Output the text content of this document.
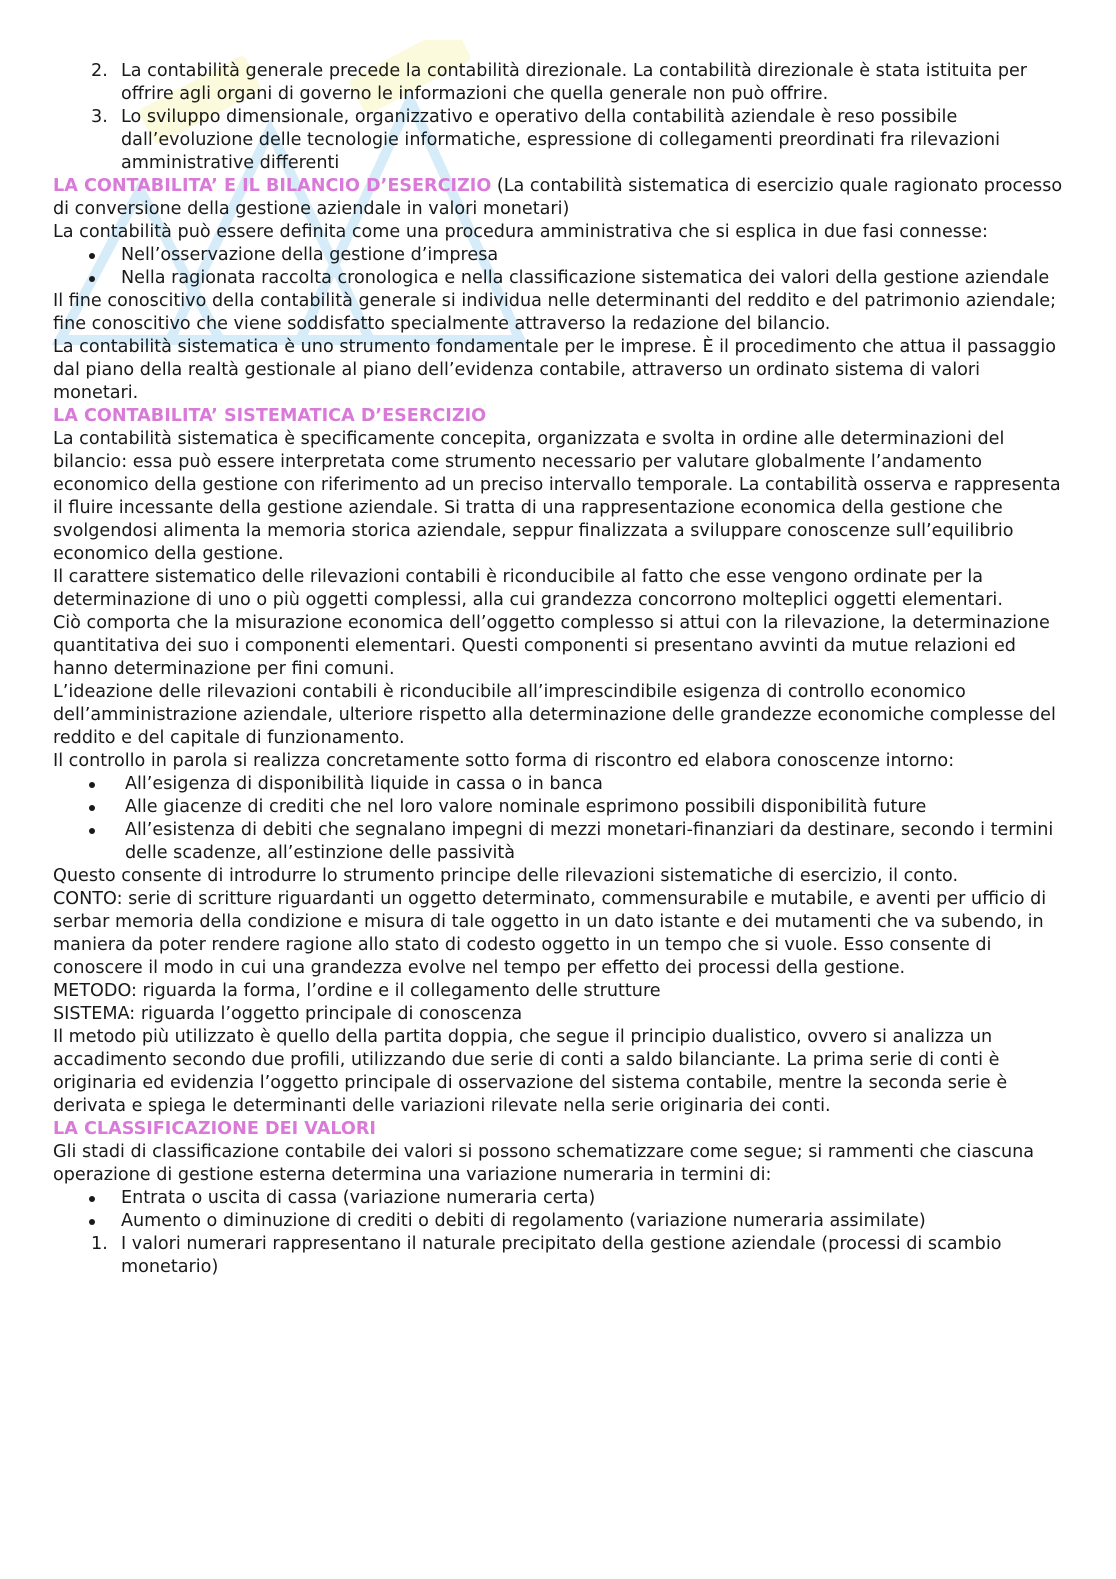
2. La contabilità generale precede la contabilità direzionale. La contabilità direzionale è stata istituita per offrire agli organi di governo le informazioni che quella generale non può offrire.
3. Lo sviluppo dimensionale, organizzativo e operativo della contabilità aziendale è reso possibile dall’evoluzione delle tecnologie informatiche, espressione di collegamenti preordinati fra rilevazioni amministrative differenti

LA CONTABILITA’ E IL BILANCIO D’ESERCIZIO (La contabilità sistematica di esercizio quale ragionato processo di conversione della gestione aziendale in valori monetari)

La contabilità può essere definita come una procedura amministrativa che si esplica in due fasi connesse:

Nell’osservazione della gestione d’impresa
Nella ragionata raccolta cronologica e nella classificazione sistematica dei valori della gestione aziendale

Il fine conoscitivo della contabilità generale si individua nelle determinanti del reddito e del patrimonio aziendale; fine conoscitivo che viene soddisfatto specialmente attraverso la redazione del bilancio.

La contabilità sistematica è uno strumento fondamentale per le imprese. È il procedimento che attua il passaggio dal piano della realtà gestionale al piano dell’evidenza contabile, attraverso un ordinato sistema di valori monetari.

LA CONTABILITA’ SISTEMATICA D’ESERCIZIO

La contabilità sistematica è specificamente concepita, organizzata e svolta in ordine alle determinazioni del bilancio: essa può essere interpretata come strumento necessario per valutare globalmente l’andamento economico della gestione con riferimento ad un preciso intervallo temporale. La contabilità osserva e rappresenta il fluire incessante della gestione aziendale. Si tratta di una rappresentazione economica della gestione che svolgendosi alimenta la memoria storica aziendale, seppur finalizzata a sviluppare conoscenze sull’equilibrio economico della gestione.

Il carattere sistematico delle rilevazioni contabili è riconducibile al fatto che esse vengono ordinate per la determinazione di uno o più oggetti complessi, alla cui grandezza concorrono molteplici oggetti elementari.

Ciò comporta che la misurazione economica dell’oggetto complesso si attui con la rilevazione, la determinazione quantitativa dei suo i componenti elementari. Questi componenti si presentano avvinti da mutue relazioni ed hanno determinazione per fini comuni.

L’ideazione delle rilevazioni contabili è riconducibile all’imprescindibile esigenza di controllo economico dell’amministrazione aziendale, ulteriore rispetto alla determinazione delle grandezze economiche complesse del reddito e del capitale di funzionamento.

Il controllo in parola si realizza concretamente sotto forma di riscontro ed elabora conoscenze intorno:

All’esigenza di disponibilità liquide in cassa o in banca
Alle giacenze di crediti che nel loro valore nominale esprimono possibili disponibilità future
All’esistenza di debiti che segnalano impegni di mezzi monetari-finanziari da destinare, secondo i termini delle scadenze, all’estinzione delle passività

Questo consente di introdurre lo strumento principe delle rilevazioni sistematiche di esercizio, il conto.

CONTO: serie di scritture riguardanti un oggetto determinato, commensurabile e mutabile, e aventi per ufficio di serbar memoria della condizione e misura di tale oggetto in un dato istante e dei mutamenti che va subendo, in maniera da poter rendere ragione allo stato di codesto oggetto in un tempo che si vuole. Esso consente di conoscere il modo in cui una grandezza evolve nel tempo per effetto dei processi della gestione.

METODO: riguarda la forma, l’ordine e il collegamento delle strutture

SISTEMA: riguarda l’oggetto principale di conoscenza

Il metodo più utilizzato è quello della partita doppia, che segue il principio dualistico, ovvero si analizza un accadimento secondo due profili, utilizzando due serie di conti a saldo bilanciante. La prima serie di conti è originaria ed evidenzia l’oggetto principale di osservazione del sistema contabile, mentre la seconda serie è derivata e spiega le determinanti delle variazioni rilevate nella serie originaria dei conti.

LA CLASSIFICAZIONE DEI VALORI

Gli stadi di classificazione contabile dei valori si possono schematizzare come segue; si rammenti che ciascuna operazione di gestione esterna determina una variazione numeraria in termini di:

Entrata o uscita di cassa (variazione numeraria certa)
Aumento o diminuzione di crediti o debiti di regolamento (variazione numeraria assimilate)
1. I valori numerari rappresentano il naturale precipitato della gestione aziendale (processi di scambio monetario)
